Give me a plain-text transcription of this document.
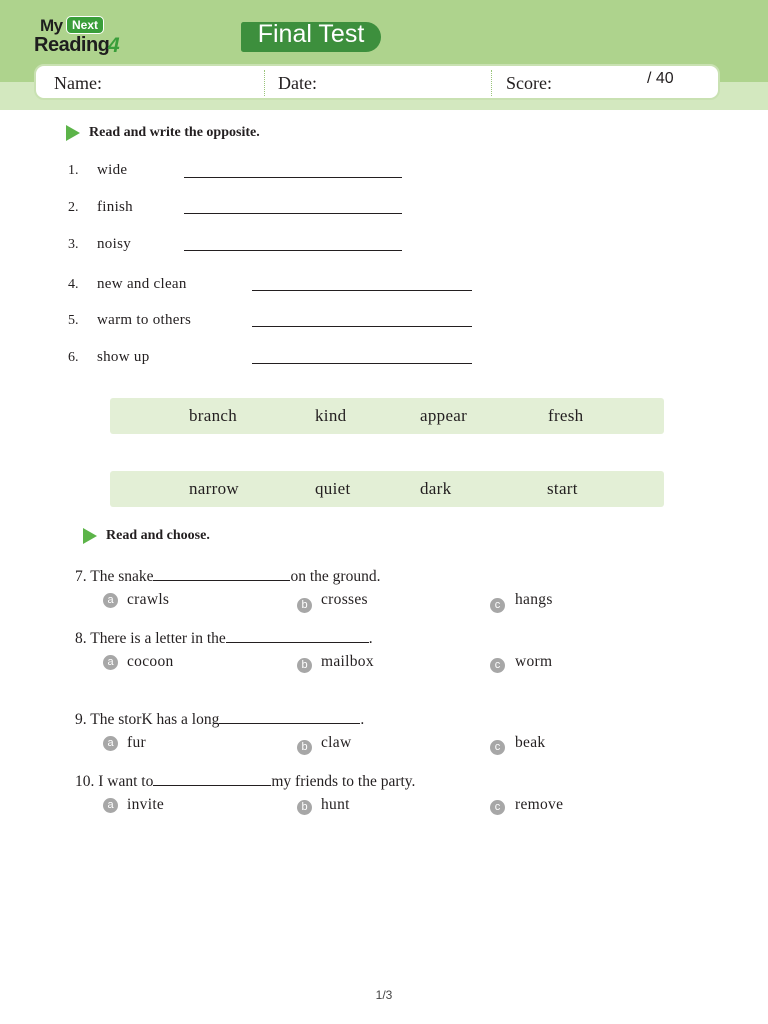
My Next
Reading
4	Final Test
Name:	Date:	Score:	/ 40
Read and write the opposite.
1. wide
2. finish
3. noisy
4. new and clean
5. warm to others
6. show up
branch	kind	appear	fresh
narrow	quiet	dark	start
Read and choose.
7. The snake	on the ground.
a crawls	b crosses	c hangs
8. There is a letter in the	.
a cocoon	b mailbox	c worm
9. The storK has a long	.
a fur	b claw	c beak
10. I want to	my friends to the party.
a invite	b hunt	c remove
1/3
